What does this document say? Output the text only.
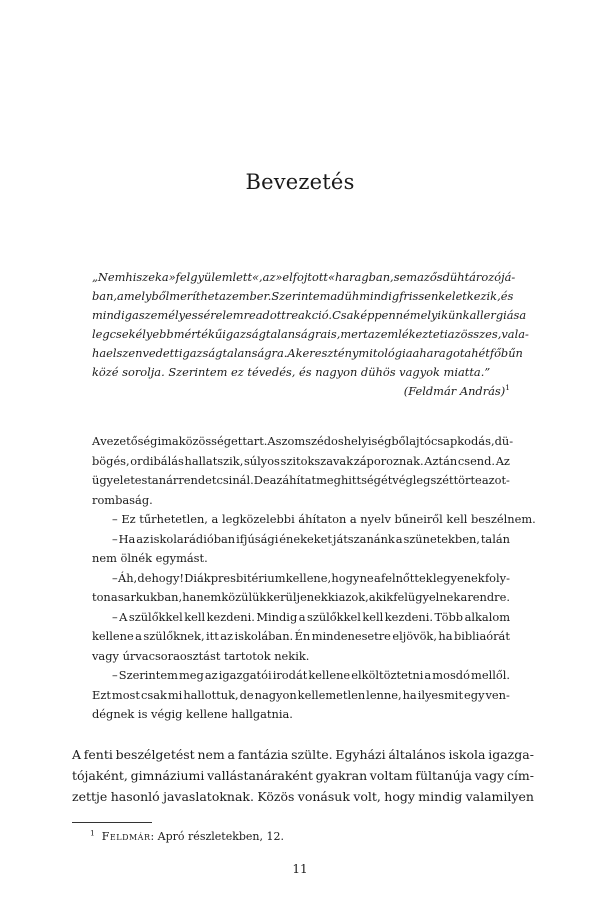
Bevezetés
„Nem hiszek a »felgyülemlett«, az »elfojtott« haragban, sem az ős düh tározójá-
ban, amelyből meríthet az ember. Szerintem a düh mindig frissen keletkezik, és
mindig a személyes sérelemre adott reakció. Csak éppen némelyikünk allergiás a
legcsekélyebb mértékű igazságtalanságra is, mert az emlékezteti az összes, vala-
ha elszenvedett igazságtalanságra. A keresztény mitológia a haragot a hét főbűn
közé sorolja. Szerintem ez tévedés, és nagyon dühös vagyok miatta.”
(Feldmár András)$^1$
A vezetőség imaközösséget tart. A szomszédos helyiségből ajtócsapkodás, dü-
bögés, ordibálás hallatszik, súlyos szitokszavak záporoznak. Aztán csend. Az
ügyeletes tanár rendet csinál. De az áhítat meghittségét végleg széttörte az ot-
rombaság.
– Ez tűrhetetlen, a legközelebbi áhítaton a nyelv bűneiről kell beszélnem.
– Ha az iskolarádióban ifjúsági énekeket játszanánk a szünetekben, talán
nem ölnék egymást.
– Áh, dehogy! Diákpresbitérium kellene, hogy ne a felnőttek legyenek foly-
ton a sarkukban, hanem közülük kerüljenek ki azok, akik felügyelnek a rendre.
– A szülőkkel kell kezdeni. Mindig a szülőkkel kell kezdeni. Több alkalom
kellene a szülőknek, itt az iskolában. Én mindenesetre eljövök, ha bibliaórát
vagy úrvacsoraosztást tartotok nekik.
– Szerintem meg az igazgatói irodát kellene elköltöztetni a mosdó mellől.
Ezt most csak mi hallottuk, de nagyon kellemetlen lenne, ha ilyesmit egy ven-
dégnek is végig kellene hallgatnia.
A fenti beszélgetést nem a fantázia szülte. Egyházi általános iskola igazga-
tójaként, gimnáziumi vallástanáraként gyakran voltam fültanúja vagy cím-
zettje hasonló javaslatoknak. Közös vonásuk volt, hogy mindig valamilyen
$^1$ Feldmár: Apró részletekben, 12.
11
